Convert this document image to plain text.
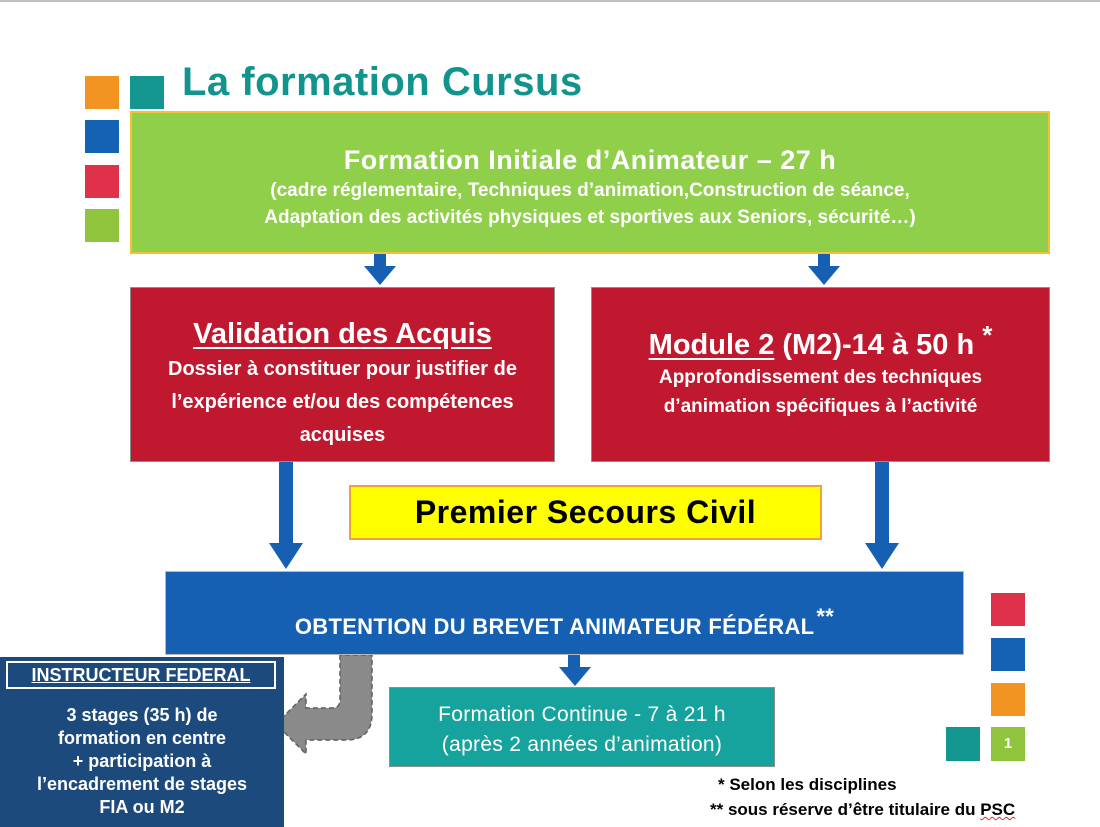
La formation Cursus
Formation Initiale d’Animateur – 27 h
(cadre réglementaire, Techniques d’animation,Construction de séance,
Adaptation des activités physiques et sportives aux Seniors, sécurité…)
Validation des Acquis
Dossier à constituer pour justifier de
l’expérience et/ou des compétences
acquises
Module 2 (M2)-14 à 50 h *
Approfondissement des techniques
d’animation spécifiques à l’activité
Premier Secours Civil
OBTENTION DU BREVET ANIMATEUR FÉDÉRAL**
Formation Continue - 7 à 21 h
(après 2 années d’animation)
INSTRUCTEUR FEDERAL
3 stages (35 h) de
formation en centre
+ participation à
l’encadrement de stages
FIA ou M2
1
* Selon les disciplines
** sous réserve d’être titulaire du PSC
